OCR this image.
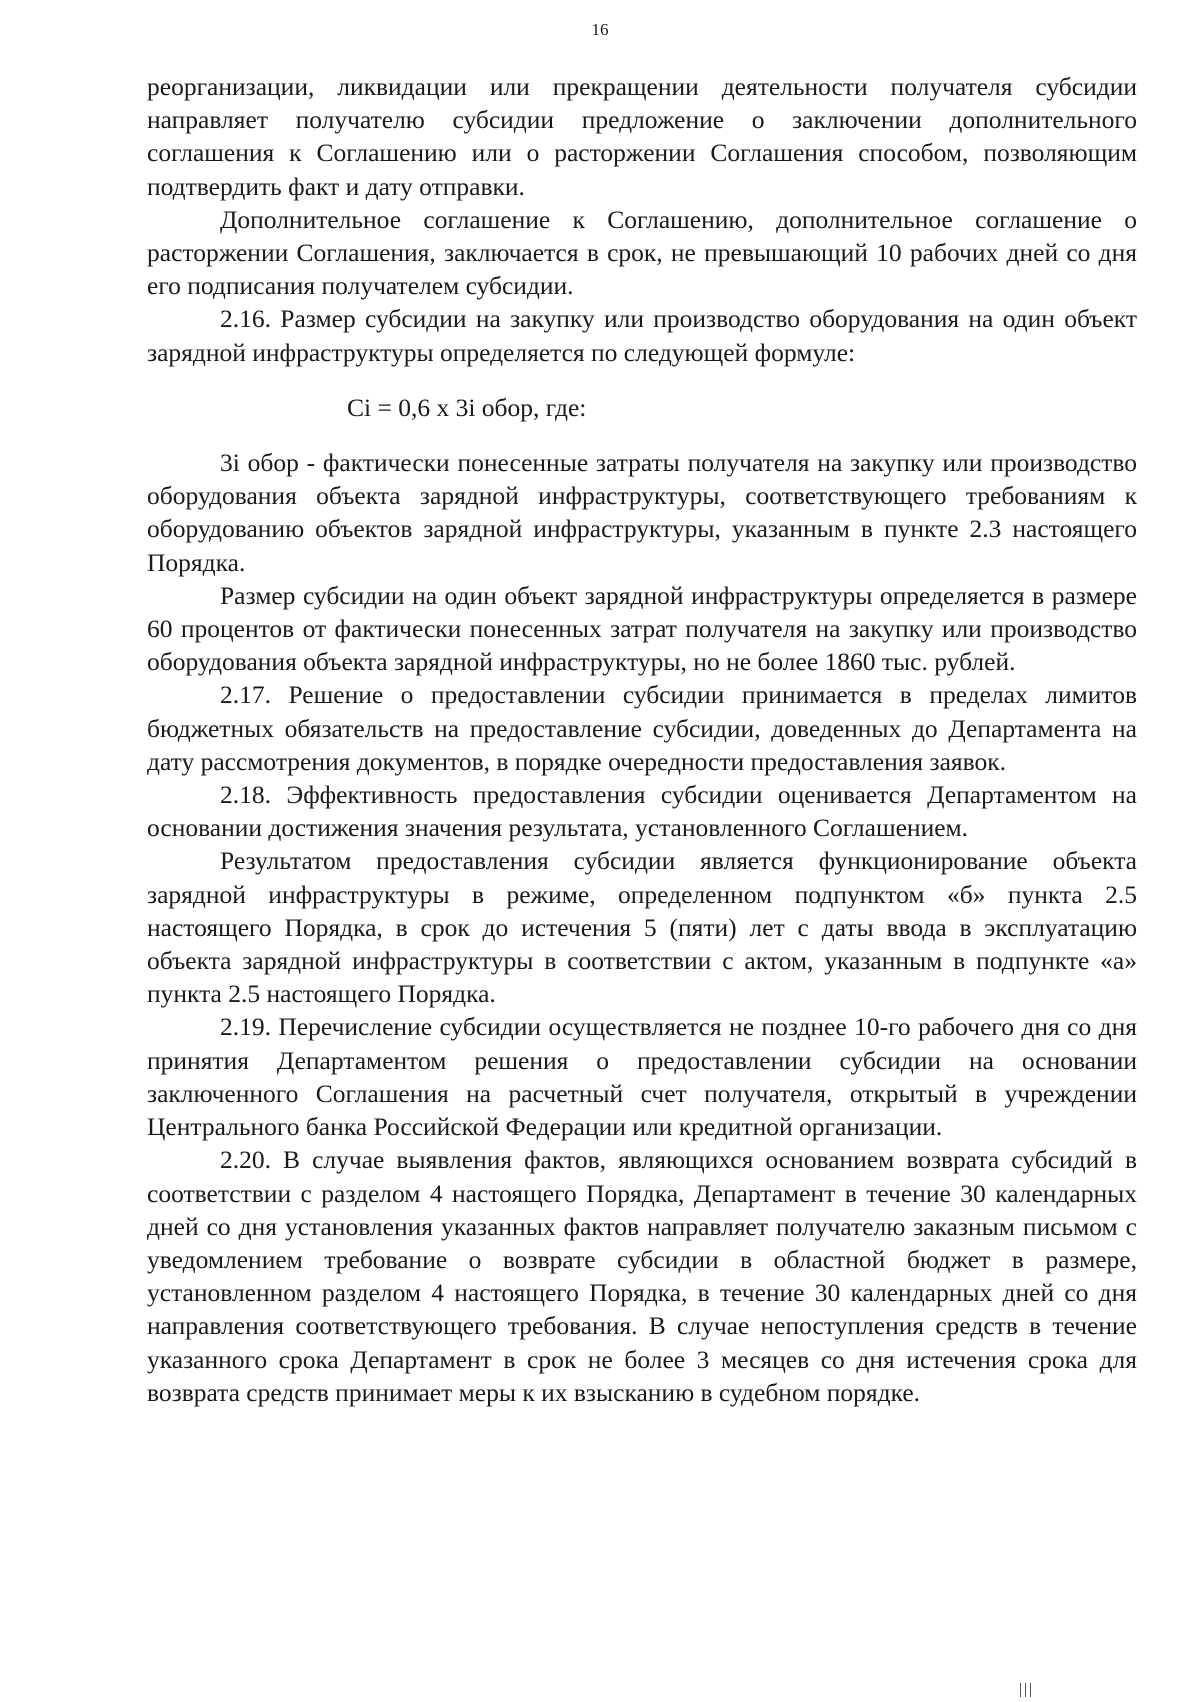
16

реорганизации, ликвидации или прекращении деятельности получателя субсидии направляет получателю субсидии предложение о заключении дополнительного соглашения к Соглашению или о расторжении Соглашения способом, позволяющим подтвердить факт и дату отправки.

Дополнительное соглашение к Соглашению, дополнительное соглашение о расторжении Соглашения, заключается в срок, не превышающий 10 рабочих дней со дня его подписания получателем субсидии.

2.16. Размер субсидии на закупку или производство оборудования на один объект зарядной инфраструктуры определяется по следующей формуле:

Ci = 0,6 x 3i обор, где:

3i обор - фактически понесенные затраты получателя на закупку или производство оборудования объекта зарядной инфраструктуры, соответствующего требованиям к оборудованию объектов зарядной инфраструктуры, указанным в пункте 2.3 настоящего Порядка.

Размер субсидии на один объект зарядной инфраструктуры определяется в размере 60 процентов от фактически понесенных затрат получателя на закупку или производство оборудования объекта зарядной инфраструктуры, но не более 1860 тыс. рублей.

2.17. Решение о предоставлении субсидии принимается в пределах лимитов бюджетных обязательств на предоставление субсидии, доведенных до Департамента на дату рассмотрения документов, в порядке очередности предоставления заявок.

2.18. Эффективность предоставления субсидии оценивается Департаментом на основании достижения значения результата, установленного Соглашением.

Результатом предоставления субсидии является функционирование объекта зарядной инфраструктуры в режиме, определенном подпунктом «б» пункта 2.5 настоящего Порядка, в срок до истечения 5 (пяти) лет с даты ввода в эксплуатацию объекта зарядной инфраструктуры в соответствии с актом, указанным в подпункте «а» пункта 2.5 настоящего Порядка.

2.19. Перечисление субсидии осуществляется не позднее 10-го рабочего дня со дня принятия Департаментом решения о предоставлении субсидии на основании заключенного Соглашения на расчетный счет получателя, открытый в учреждении Центрального банка Российской Федерации или кредитной организации.

2.20. В случае выявления фактов, являющихся основанием возврата субсидий в соответствии с разделом 4 настоящего Порядка, Департамент в течение 30 календарных дней со дня установления указанных фактов направляет получателю заказным письмом с уведомлением требование о возврате субсидии в областной бюджет в размере, установленном разделом 4 настоящего Порядка, в течение 30 календарных дней со дня направления соответствующего требования. В случае непоступления средств в течение указанного срока Департамент в срок не более 3 месяцев со дня истечения срока для возврата средств принимает меры к их взысканию в судебном порядке.
